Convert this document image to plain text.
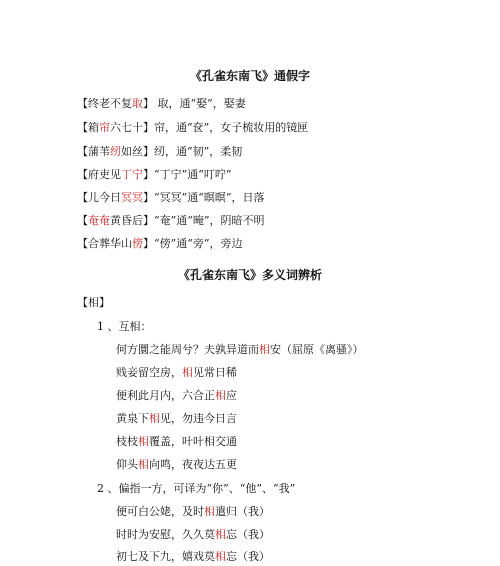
《孔雀东南飞》通假字
【终老不复取】 取，通“娶”，娶妻
【箱帘六七十】帘，通“奁”，女子梳妆用的镜匣
【蒲苇纫如丝】纫，通“韧”，柔韧
【府吏见丁宁】“丁宁”通“叮咛”
【儿今日冥冥】“冥冥”通“暝暝”，日落
【奄奄黄昏后】“奄”通“晻”，阴暗不明
【合葬华山傍】“傍”通“旁”，旁边
《孔雀东南飞》多义词辨析
【相】
1 、互相：
何方圜之能周兮？夫孰异道而相安（屈原《离骚》）
贱妾留空房，相见常日稀
便利此月内，六合正相应
黄泉下相见，勿违今日言
枝枝相覆盖，叶叶相交通
仰头相向鸣，夜夜达五更
2 、偏指一方，可译为“你”、“他”、“我”
便可白公姥，及时相遣归（我）
时时为安慰，久久莫相忘（我）
初七及下九，嬉戏莫相忘（我）
